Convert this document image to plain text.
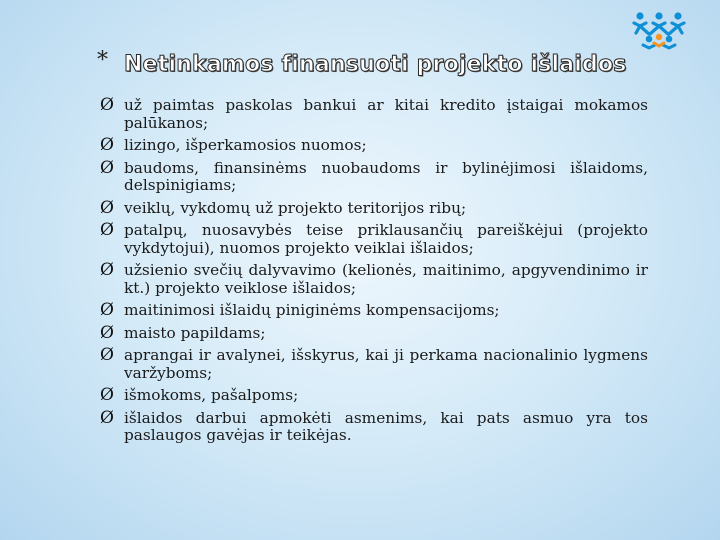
* Netinkamos finansuoti projekto išlaidos
Ø už paimtas paskolas bankui ar kitai kredito įstaigai mokamos palūkanos;
Ø lizingo, išperkamosios nuomos;
Ø baudoms, finansinėms nuobaudoms ir bylinėjimosi išlaidoms, delspinigiams;
Ø veiklų, vykdomų už projekto teritorijos ribų;
Ø patalpų, nuosavybės teise priklausančių pareiškėjui (projekto vykdytojui), nuomos projekto veiklai išlaidos;
Ø užsienio svečių dalyvavimo (kelionės, maitinimo, apgyvendinimo ir kt.) projekto veiklose išlaidos;
Ø maitinimosi išlaidų piniginėms kompensacijoms;
Ø maisto papildams;
Ø aprangai ir avalynei, išskyrus, kai ji perkama nacionalinio lygmens varžyboms;
Ø išmokoms, pašalpoms;
Ø išlaidos darbui apmokėti asmenims, kai pats asmuo yra tos paslaugos gavėjas ir teikėjas.
